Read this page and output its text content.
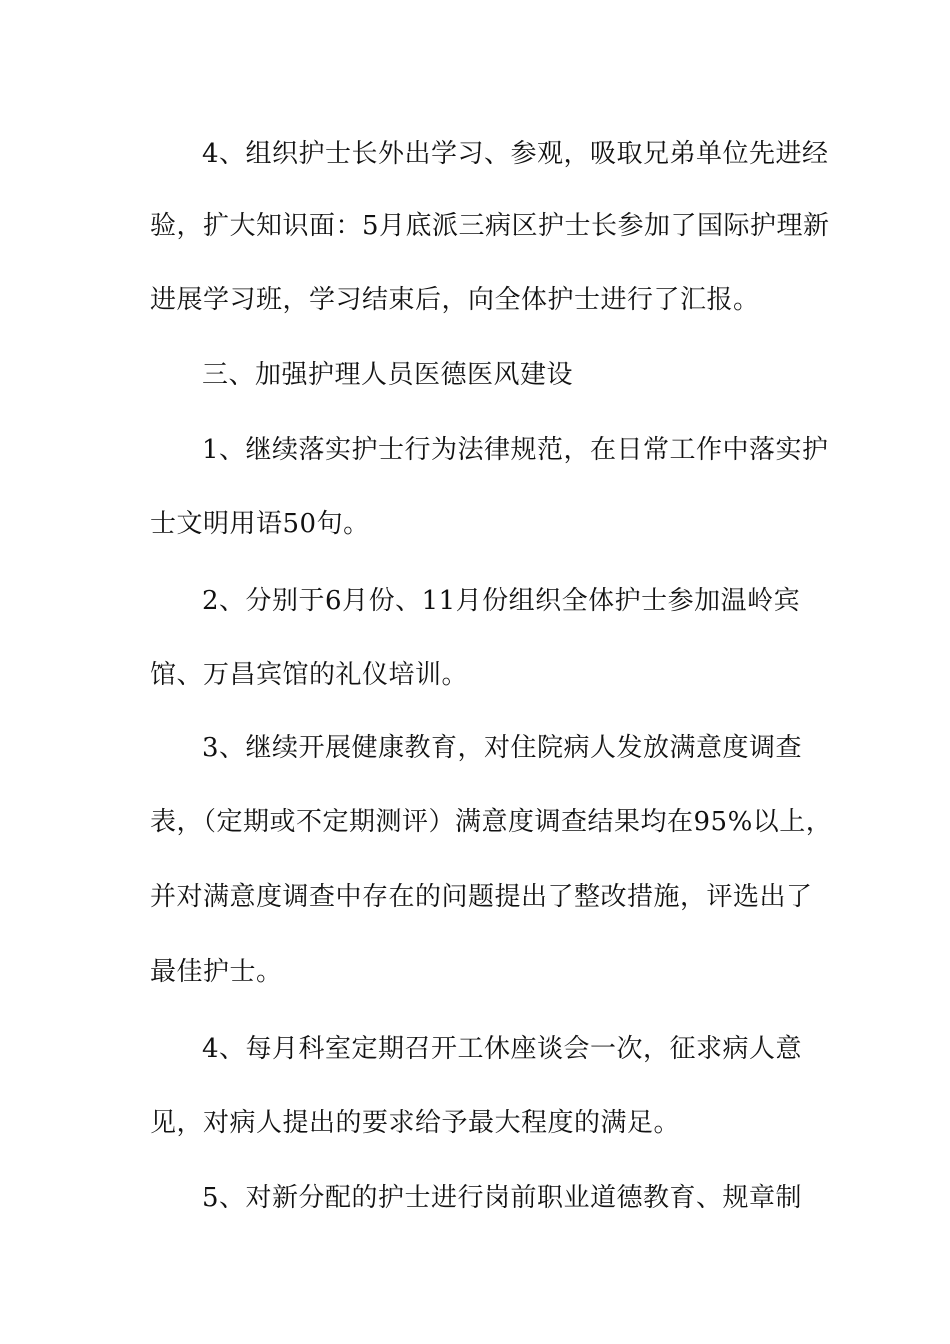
4、组织护士长外出学习、参观，吸取兄弟单位先进经
验，扩大知识面：5月底派三病区护士长参加了国际护理新
进展学习班，学习结束后，向全体护士进行了汇报。
三、加强护理人员医德医风建设
1、继续落实护士行为法律规范，在日常工作中落实护
士文明用语50句。
2、分别于6月份、11月份组织全体护士参加温岭宾
馆、万昌宾馆的礼仪培训。
3、继续开展健康教育，对住院病人发放满意度调查
表，（定期或不定期测评）满意度调查结果均在95%以上，
并对满意度调查中存在的问题提出了整改措施，评选出了
最佳护士。
4、每月科室定期召开工休座谈会一次，征求病人意
见，对病人提出的要求给予最大程度的满足。
5、对新分配的护士进行岗前职业道德教育、规章制
